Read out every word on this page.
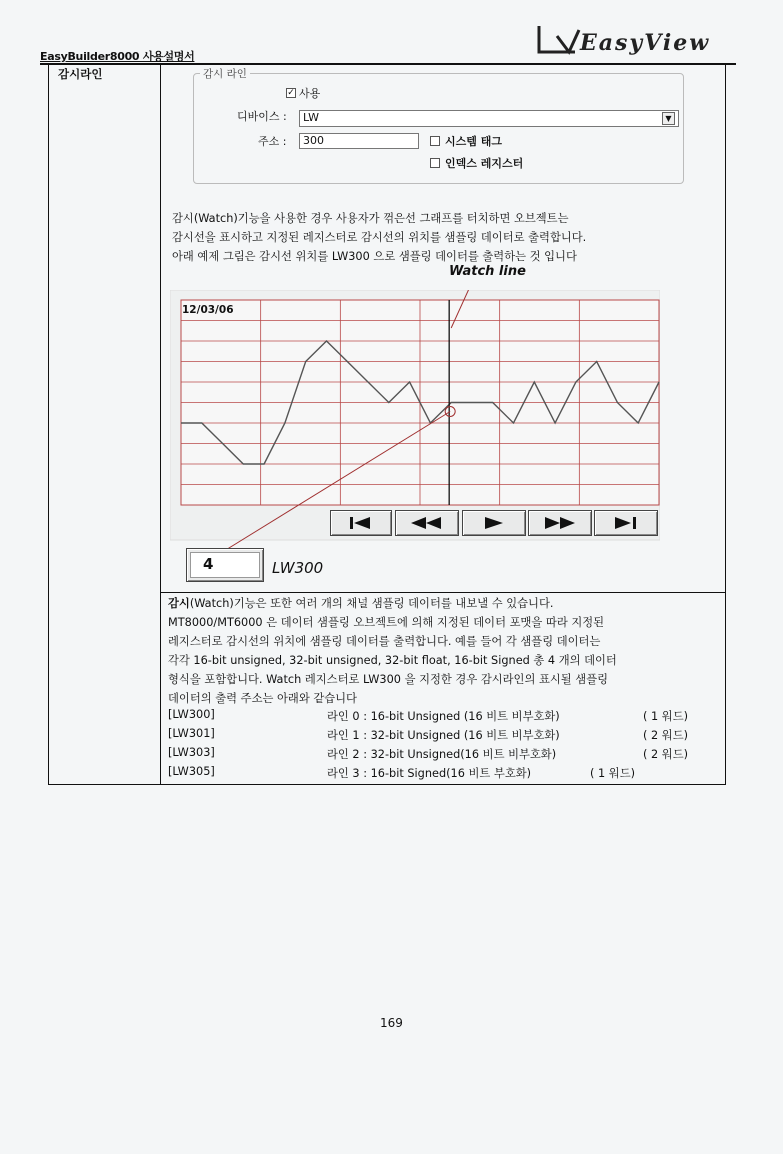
EasyBuilder8000 사용설명서
EasyView
감시라인	감시 라인
✓ 사용
디바이스 :	LW	▼
주소 :	300	시스템 태그
인덱스 레지스터
감시(Watch)기능을 사용한 경우 사용자가 꺾은선 그래프를 터치하면 오브젝트는
감시선을 표시하고 지정된 레지스터로 감시선의 위치를 샘플링 데이터로 출력합니다.
아래 예제 그림은 감시선 위치를 LW300 으로 샘플링 데이터를 출력하는 것 입니다
Watch line
12/03/06
4	LW300
감시(Watch)기능은 또한 여러 개의 채널 샘플링 데이터를 내보낼 수 있습니다.
MT8000/MT6000 은 데이터 샘플링 오브젝트에 의해 지정된 데이터 포맷을 따라 지정된
레지스터로 감시선의 위치에 샘플링 데이터를 출력합니다. 예를 들어 각 샘플링 데이터는
각각 16-bit unsigned, 32-bit unsigned, 32-bit float, 16-bit Signed 총 4 개의 데이터
형식을 포함합니다. Watch 레지스터로 LW300 을 지정한 경우 감시라인의 표시될 샘플링
데이터의 출력 주소는 아래와 같습니다
[LW300]	라인 0 : 16-bit Unsigned (16 비트 비부호화)	( 1 워드)
[LW301]	라인 1 : 32-bit Unsigned (16 비트 비부호화)	( 2 워드)
[LW303]	라인 2 : 32-bit Unsigned(16 비트 비부호화)	( 2 워드)
[LW305]	라인 3 : 16-bit Signed(16 비트 부호화)	( 1 워드)
169
